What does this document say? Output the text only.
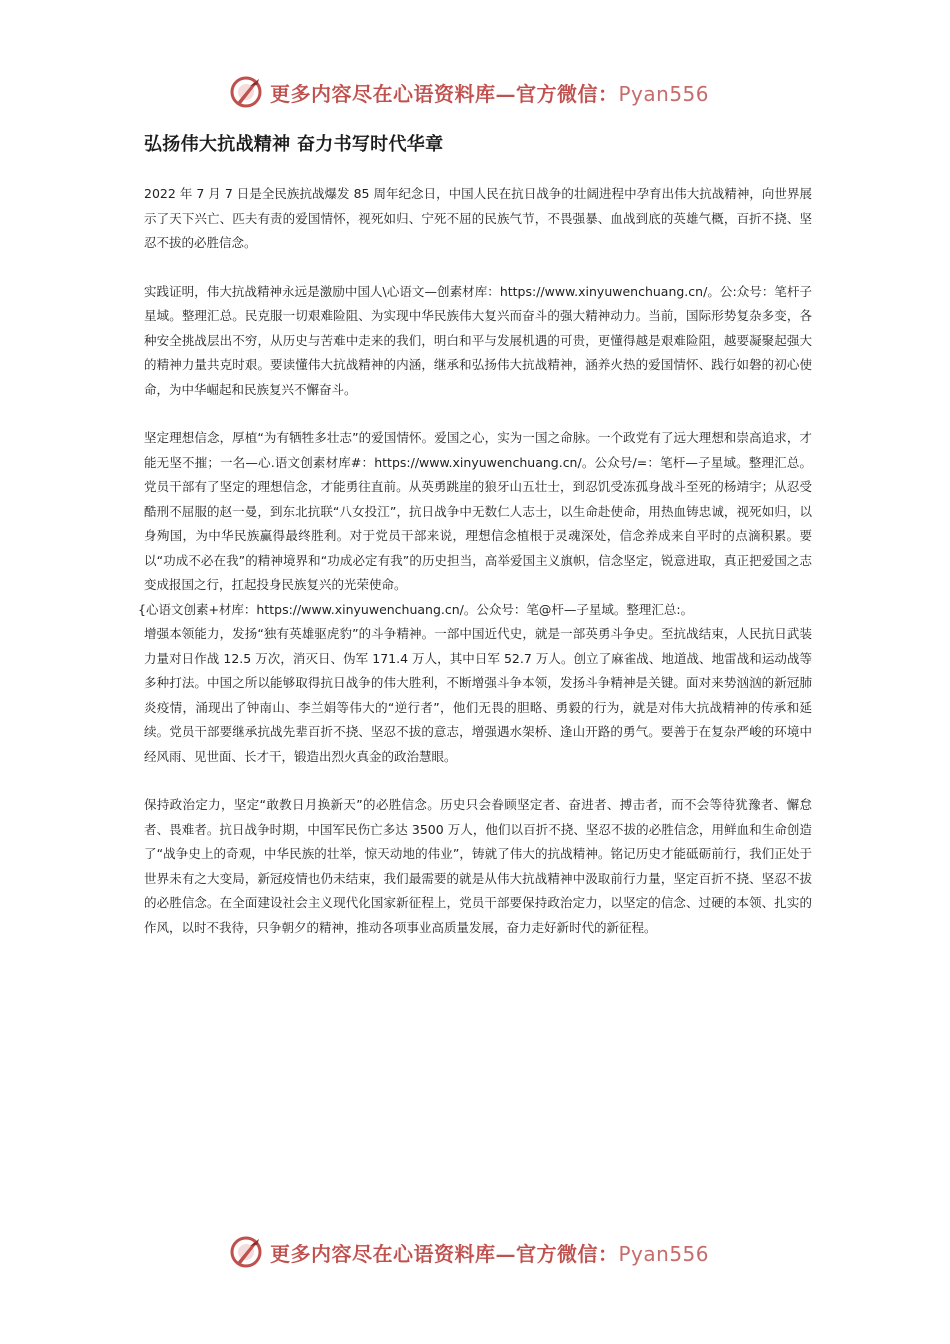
更多内容尽在心语资料库—官方微信：Pyan556
弘扬伟大抗战精神 奋力书写时代华章

2022 年 7 月 7 日是全民族抗战爆发 85 周年纪念日，中国人民在抗日战争的壮阔进程中孕育出伟大抗战精神，向世界展示了天下兴亡、匹夫有责的爱国情怀，视死如归、宁死不屈的民族气节，不畏强暴、血战到底的英雄气概，百折不挠、坚忍不拔的必胜信念。

实践证明，伟大抗战精神永远是激励中国人\心语文—创素材库：https://www.xinyuwenchuang.cn/。公:众号：笔杆子星域。整理汇总。民克服一切艰难险阻、为实现中华民族伟大复兴而奋斗的强大精神动力。当前，国际形势复杂多变，各种安全挑战层出不穷，从历史与苦难中走来的我们，明白和平与发展机遇的可贵，更懂得越是艰难险阻，越要凝聚起强大的精神力量共克时艰。要读懂伟大抗战精神的内涵，继承和弘扬伟大抗战精神，涵养火热的爱国情怀、践行如磐的初心使命，为中华崛起和民族复兴不懈奋斗。

坚定理想信念，厚植“为有牺牲多壮志”的爱国情怀。爱国之心，实为一国之命脉。一个政党有了远大理想和崇高追求，才能无坚不摧；一名—心.语文创素材库#：https://www.xinyuwenchuang.cn/。公众号/=：笔杆—子星域。整理汇总。党员干部有了坚定的理想信念，才能勇往直前。从英勇跳崖的狼牙山五壮士，到忍饥受冻孤身战斗至死的杨靖宇；从忍受酷刑不屈服的赵一曼，到东北抗联“八女投江”，抗日战争中无数仁人志士，以生命赴使命，用热血铸忠诚，视死如归，以身殉国，为中华民族赢得最终胜利。对于党员干部来说，理想信念植根于灵魂深处，信念养成来自平时的点滴积累。要以“功成不必在我”的精神境界和“功成必定有我”的历史担当，高举爱国主义旗帜，信念坚定，锐意进取，真正把爱国之志变成报国之行，扛起投身民族复兴的光荣使命。

{心语文创素+材库：https://www.xinyuwenchuang.cn/。公众号：笔@杆—子星域。整理汇总:。

增强本领能力，发扬“独有英雄驱虎豹”的斗争精神。一部中国近代史，就是一部英勇斗争史。至抗战结束，人民抗日武装力量对日作战 12.5 万次，消灭日、伪军 171.4 万人，其中日军 52.7 万人。创立了麻雀战、地道战、地雷战和运动战等多种打法。中国之所以能够取得抗日战争的伟大胜利，不断增强斗争本领，发扬斗争精神是关键。面对来势汹汹的新冠肺炎疫情，涌现出了钟南山、李兰娟等伟大的“逆行者”，他们无畏的胆略、勇毅的行为，就是对伟大抗战精神的传承和延续。党员干部要继承抗战先辈百折不挠、坚忍不拔的意志，增强遇水架桥、逢山开路的勇气。要善于在复杂严峻的环境中经风雨、见世面、长才干，锻造出烈火真金的政治慧眼。

保持政治定力，坚定“敢教日月换新天”的必胜信念。历史只会眷顾坚定者、奋进者、搏击者，而不会等待犹豫者、懈怠者、畏难者。抗日战争时期，中国军民伤亡多达 3500 万人，他们以百折不挠、坚忍不拔的必胜信念，用鲜血和生命创造了“战争史上的奇观，中华民族的壮举，惊天动地的伟业”，铸就了伟大的抗战精神。铭记历史才能砥砺前行，我们正处于世界未有之大变局，新冠疫情也仍未结束，我们最需要的就是从伟大抗战精神中汲取前行力量，坚定百折不挠、坚忍不拔的必胜信念。在全面建设社会主义现代化国家新征程上，党员干部要保持政治定力，以坚定的信念、过硬的本领、扎实的作风，以时不我待，只争朝夕的精神，推动各项事业高质量发展，奋力走好新时代的新征程。

更多内容尽在心语资料库—官方微信：Pyan556
